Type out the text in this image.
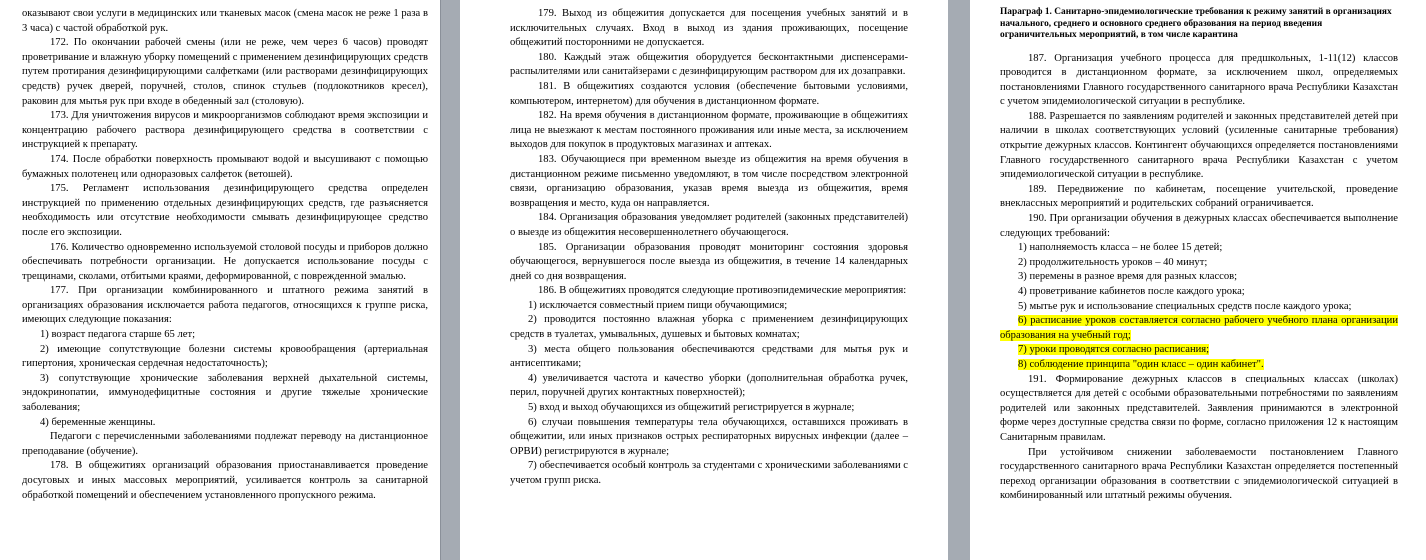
оказывают свои услуги в медицинских или тканевых масок (смена масок не реже 1 раза в 3 часа) с частой обработкой рук.

172. По окончании рабочей смены (или не реже, чем через 6 часов) проводят проветривание и влажную уборку помещений с применением дезинфицирующих средств путем протирания дезинфицирующими салфетками (или растворами дезинфицирующих средств) ручек дверей, поручней, столов, спинок стульев (подлокотников кресел), раковин для мытья рук при входе в обеденный зал (столовую).

173. Для уничтожения вирусов и микроорганизмов соблюдают время экспозиции и концентрацию рабочего раствора дезинфицирующего средства в соответствии с инструкцией к препарату.

174. После обработки поверхность промывают водой и высушивают с помощью бумажных полотенец или одноразовых салфеток (ветошей).

175. Регламент использования дезинфицирующего средства определен инструкцией по применению отдельных дезинфицирующих средств, где разъясняется необходимость или отсутствие необходимости смывать дезинфицирующее средство после его экспозиции.

176. Количество одновременно используемой столовой посуды и приборов должно обеспечивать потребности организации. Не допускается использование посуды с трещинами, сколами, отбитыми краями, деформированной, с поврежденной эмалью.

177. При организации комбинированного и штатного режима занятий в организациях образования исключается работа педагогов, относящихся к группе риска, имеющих следующие показания:

1) возраст педагога старше 65 лет;

2) имеющие сопутствующие болезни системы кровообращения (артериальная гипертония, хроническая сердечная недостаточность);

3) сопутствующие хронические заболевания верхней дыхательной системы, эндокринопатии, иммунодефицитные состояния и другие тяжелые хронические заболевания;

4) беременные женщины.

Педагоги с перечисленными заболеваниями подлежат переводу на дистанционное преподавание (обучение).

178. В общежитиях организаций образования приостанавливается проведение досуговых и иных массовых мероприятий, усиливается контроль за санитарной обработкой помещений и обеспечением установленного пропускного режима.

179. Выход из общежития допускается для посещения учебных занятий и в исключительных случаях. Вход в выход из здания проживающих, посещение общежитий посторонними не допускается.

180. Каждый этаж общежития оборудуется бесконтактными диспенсерами-распылителями или санитайзерами с дезинфицирующим раствором для их дозаправки.

181. В общежитиях создаются условия (обеспечение бытовыми условиями, компьютером, интернетом) для обучения в дистанционном формате.

182. На время обучения в дистанционном формате, проживающие в общежитиях лица не выезжают к местам постоянного проживания или иные места, за исключением выходов для покупок в продуктовых магазинах и аптеках.

183. Обучающиеся при временном выезде из общежития на время обучения в дистанционном режиме письменно уведомляют, в том числе посредством электронной связи, организацию образования, указав время выезда из общежития, время возвращения и место, куда он направляется.

184. Организация образования уведомляет родителей (законных представителей) о выезде из общежития несовершеннолетнего обучающегося.

185. Организации образования проводят мониторинг состояния здоровья обучающегося, вернувшегося после выезда из общежития, в течение 14 календарных дней со дня возвращения.

186. В общежитиях проводятся следующие противоэпидемические мероприятия:

1) исключается совместный прием пищи обучающимися;

2) проводится постоянно влажная уборка с применением дезинфицирующих средств в туалетах, умывальных, душевых и бытовых комнатах;

3) места общего пользования обеспечиваются средствами для мытья рук и антисептиками;

4) увеличивается частота и качество уборки (дополнительная обработка ручек, перил, поручней других контактных поверхностей);

5) вход и выход обучающихся из общежитий регистрируется в журнале;

6) случаи повышения температуры тела обучающихся, оставшихся проживать в общежитии, или иных признаков острых респираторных вирусных инфекции (далее – ОРВИ) регистрируются в журнале;

7) обеспечивается особый контроль за студентами с хроническими заболеваниями с учетом групп риска.

Параграф 1. Санитарно-эпидемиологические требования к режиму занятий в организациях начального, среднего и основного среднего образования на период введения ограничительных мероприятий, в том числе карантина

187. Организация учебного процесса для предшкольных, 1-11(12) классов проводится в дистанционном формате, за исключением школ, определяемых постановлениями Главного государственного санитарного врача Республики Казахстан с учетом эпидемиологической ситуации в республике.

188. Разрешается по заявлениям родителей и законных представителей детей при наличии в школах соответствующих условий (усиленные санитарные требования) открытие дежурных классов. Контингент обучающихся определяется постановлениями Главного государственного санитарного врача Республики Казахстан с учетом эпидемиологической ситуации в республике.

189. Передвижение по кабинетам, посещение учительской, проведение внеклассных мероприятий и родительских собраний ограничивается.

190. При организации обучения в дежурных классах обеспечивается выполнение следующих требований:

1) наполняемость класса – не более 15 детей;

2) продолжительность уроков – 40 минут;

3) перемены в разное время для разных классов;

4) проветривание кабинетов после каждого урока;

5) мытье рук и использование специальных средств после каждого урока;

6) расписание уроков составляется согласно рабочего учебного плана организации образования на учебный год;

7) уроки проводятся согласно расписания;

8) соблюдение принципа "один класс – один кабинет".

191. Формирование дежурных классов в специальных классах (школах) осуществляется для детей с особыми образовательными потребностями по заявлениям родителей или законных представителей. Заявления принимаются в электронной форме через доступные средства связи по форме, согласно приложения 12 к настоящим Санитарным правилам.

При устойчивом снижении заболеваемости постановлением Главного государственного санитарного врача Республики Казахстан определяется постепенный переход организации образования в соответствии с эпидемиологической ситуацией в комбинированный или штатный режимы обучения.
